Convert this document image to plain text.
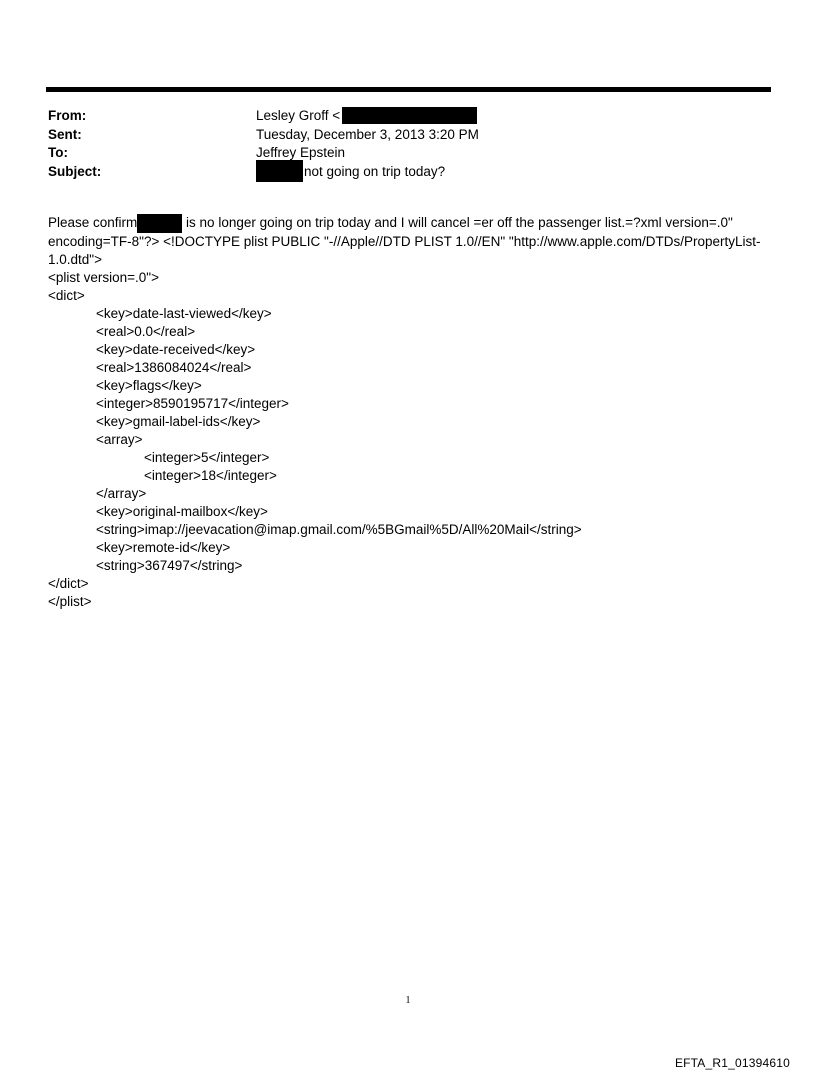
From:	Lesley Groff <
Sent:	Tuesday, December 3, 2013 3:20 PM
To:	Jeffrey Epstein
Subject:	not going on trip today?
Please confirm	is no longer going on trip today and I will cancel =er off the passenger list.=?xml version=.0" encoding=TF-8"?> <!DOCTYPE plist PUBLIC "-//Apple//DTD PLIST 1.0//EN" "http://www.apple.com/DTDs/PropertyList-1.0.dtd">
<plist version=.0">
<dict>
<key>date-last-viewed</key>
<real>0.0</real>
<key>date-received</key>
<real>1386084024</real>
<key>flags</key>
<integer>8590195717</integer>
<key>gmail-label-ids</key>
<array>
<integer>5</integer>
<integer>18</integer>
</array>
<key>original-mailbox</key>
<string>imap://jeevacation@imap.gmail.com/%5BGmail%5D/All%20Mail</string>
<key>remote-id</key>
<string>367497</string>
</dict>
</plist>
1
EFTA_R1_01394610
